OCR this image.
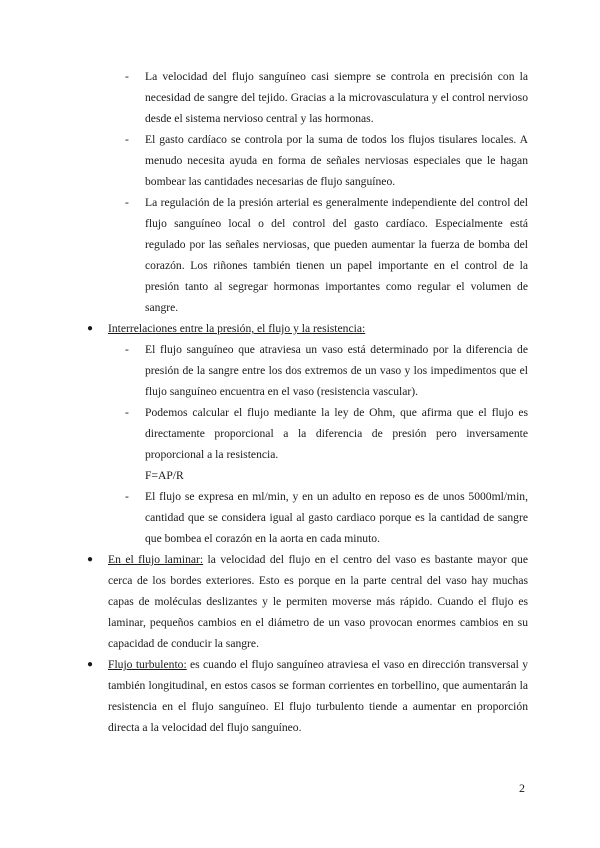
- La velocidad del flujo sanguíneo casi siempre se controla en precisión con la necesidad de sangre del tejido. Gracias a la microvasculatura y el control nervioso desde el sistema nervioso central y las hormonas.
- El gasto cardíaco se controla por la suma de todos los flujos tisulares locales. A menudo necesita ayuda en forma de señales nerviosas especiales que le hagan bombear las cantidades necesarias de flujo sanguíneo.
- La regulación de la presión arterial es generalmente independiente del control del flujo sanguíneo local o del control del gasto cardíaco. Especialmente está regulado por las señales nerviosas, que pueden aumentar la fuerza de bomba del corazón. Los riñones también tienen un papel importante en el control de la presión tanto al segregar hormonas importantes como regular el volumen de sangre.
● Interrelaciones entre la presión, el flujo y la resistencia:
- El flujo sanguíneo que atraviesa un vaso está determinado por la diferencia de presión de la sangre entre los dos extremos de un vaso y los impedimentos que el flujo sanguíneo encuentra en el vaso (resistencia vascular).
- Podemos calcular el flujo mediante la ley de Ohm, que afirma que el flujo es directamente proporcional a la diferencia de presión pero inversamente proporcional a la resistencia.
F=AP/R
- El flujo se expresa en ml/min, y en un adulto en reposo es de unos 5000ml/min, cantidad que se considera igual al gasto cardiaco porque es la cantidad de sangre que bombea el corazón en la aorta en cada minuto.
● En el flujo laminar: la velocidad del flujo en el centro del vaso es bastante mayor que cerca de los bordes exteriores. Esto es porque en la parte central del vaso hay muchas capas de moléculas deslizantes y le permiten moverse más rápido. Cuando el flujo es laminar, pequeños cambios en el diámetro de un vaso provocan enormes cambios en su capacidad de conducir la sangre.
● Flujo turbulento: es cuando el flujo sanguíneo atraviesa el vaso en dirección transversal y también longitudinal, en estos casos se forman corrientes en torbellino, que aumentarán la resistencia en el flujo sanguíneo. El flujo turbulento tiende a aumentar en proporción directa a la velocidad del flujo sanguíneo.
2
